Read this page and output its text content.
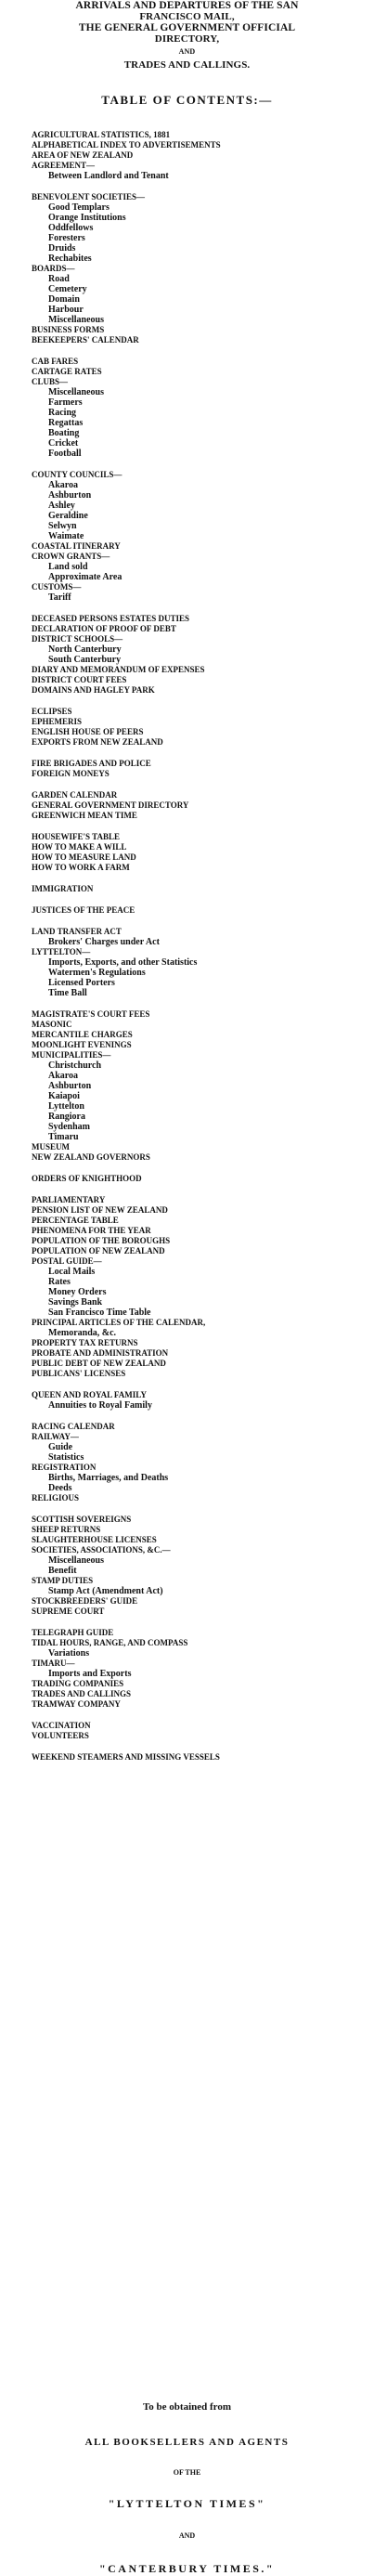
ARRIVALS AND DEPARTURES OF THE SAN
FRANCISCO MAIL,
THE GENERAL GOVERNMENT OFFICIAL
DIRECTORY,
AND
TRADES AND CALLINGS.
TABLE OF CONTENTS:—
AGRICULTURAL STATISTICS, 1881
ALPHABETICAL INDEX TO ADVERTISEMENTS
AREA OF NEW ZEALAND
AGREEMENT—
Between Landlord and Tenant
BENEVOLENT SOCIETIES—
Good Templars
Orange Institutions
Oddfellows
Foresters
Druids
Rechabites
BOARDS—
Road
Cemetery
Domain
Harbour
Miscellaneous
BUSINESS FORMS
BEEKEEPERS' CALENDAR
CAB FARES
CARTAGE RATES
CLUBS—
Miscellaneous
Farmers
Racing
Regattas
Boating
Cricket
Football
COUNTY COUNCILS—
Akaroa
Ashburton
Ashley
Geraldine
Selwyn
Waimate
COASTAL ITINERARY
CROWN GRANTS—
Land sold
Approximate Area
CUSTOMS—
Tariff
DECEASED PERSONS ESTATES DUTIES
DECLARATION OF PROOF OF DEBT
DISTRICT SCHOOLS—
North Canterbury
South Canterbury
DIARY AND MEMORANDUM OF EXPENSES
DISTRICT COURT FEES
DOMAINS AND HAGLEY PARK
ECLIPSES
EPHEMERIS
ENGLISH HOUSE OF PEERS
EXPORTS FROM NEW ZEALAND
FIRE BRIGADES AND POLICE
FOREIGN MONEYS
GARDEN CALENDAR
GENERAL GOVERNMENT DIRECTORY
GREENWICH MEAN TIME
HOUSEWIFE'S TABLE
HOW TO MAKE A WILL
HOW TO MEASURE LAND
HOW TO WORK A FARM
IMMIGRATION
JUSTICES OF THE PEACE
LAND TRANSFER ACT
Brokers' Charges under Act
LYTTELTON—
Imports, Exports, and other Statistics
Watermen's Regulations
Licensed Porters
Time Ball
MAGISTRATE'S COURT FEES
MASONIC
MERCANTILE CHARGES
MOONLIGHT EVENINGS
MUNICIPALITIES—
Christchurch
Akaroa
Ashburton
Kaiapoi
Lyttelton
Rangiora
Sydenham
Timaru
MUSEUM
NEW ZEALAND GOVERNORS
ORDERS OF KNIGHTHOOD
PARLIAMENTARY
PENSION LIST OF NEW ZEALAND
PERCENTAGE TABLE
PHENOMENA FOR THE YEAR
POPULATION OF THE BOROUGHS
POPULATION OF NEW ZEALAND
POSTAL GUIDE—
Local Mails
Rates
Money Orders
Savings Bank
San Francisco Time Table
PRINCIPAL ARTICLES OF THE CALENDAR,
Memoranda, &c.
PROPERTY TAX RETURNS
PROBATE AND ADMINISTRATION
PUBLIC DEBT OF NEW ZEALAND
PUBLICANS' LICENSES
QUEEN AND ROYAL FAMILY
Annuities to Royal Family
RACING CALENDAR
RAILWAY—
Guide
Statistics
REGISTRATION
Births, Marriages, and Deaths
Deeds
RELIGIOUS
SCOTTISH SOVEREIGNS
SHEEP RETURNS
SLAUGHTERHOUSE LICENSES
SOCIETIES, ASSOCIATIONS, &C.—
Miscellaneous
Benefit
STAMP DUTIES
Stamp Act (Amendment Act)
STOCKBREEDERS' GUIDE
SUPREME COURT
TELEGRAPH GUIDE
TIDAL HOURS, RANGE, AND COMPASS
Variations
TIMARU—
Imports and Exports
TRADING COMPANIES
TRADES AND CALLINGS
TRAMWAY COMPANY
VACCINATION
VOLUNTEERS
WEEKEND STEAMERS AND MISSING VESSELS
To be obtained from
ALL BOOKSELLERS AND AGENTS
OF THE
"LYTTELTON TIMES"
AND
"CANTERBURY TIMES."
